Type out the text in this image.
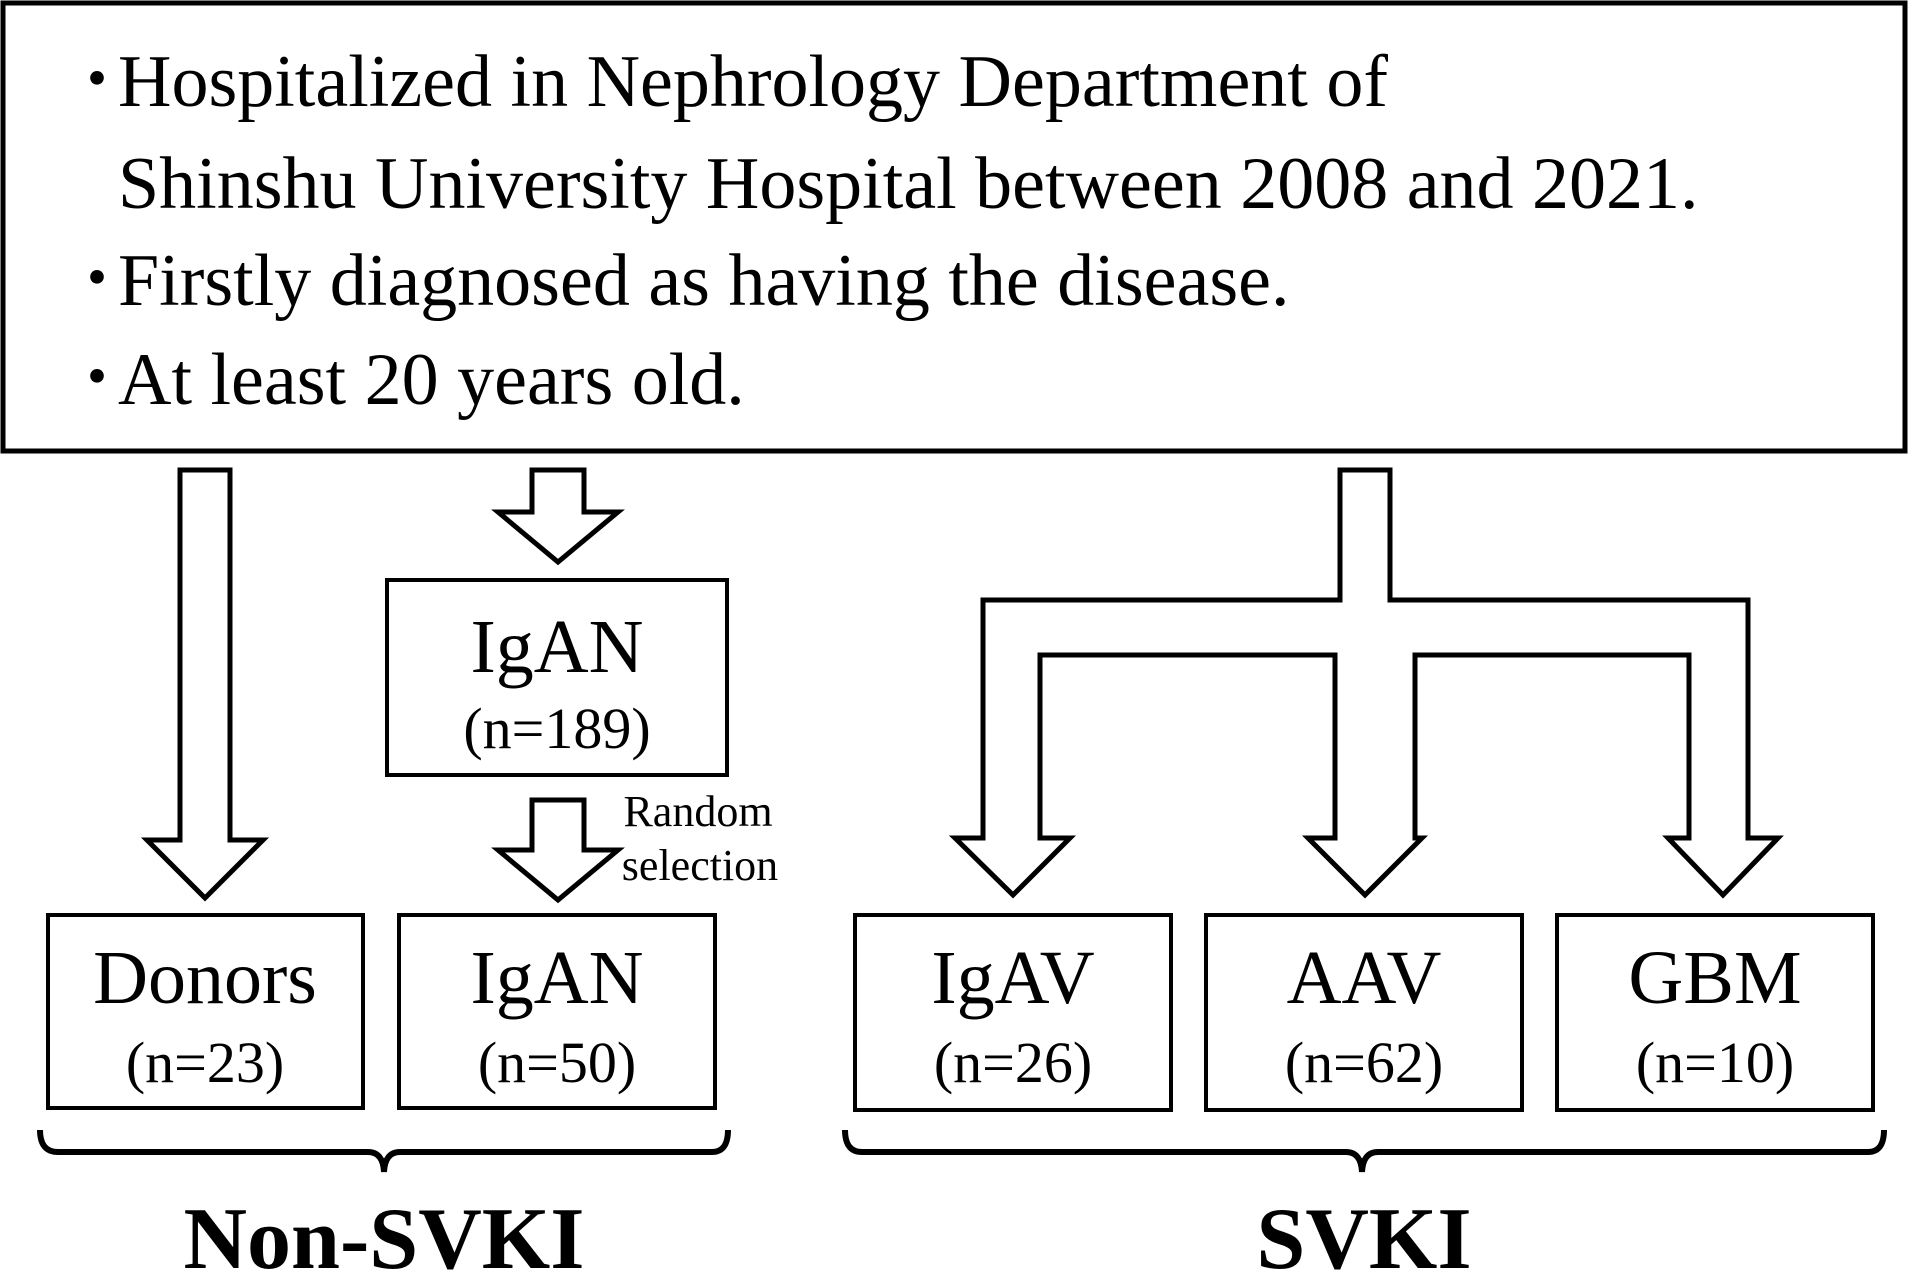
・
Hospitalized in Nephrology Department of
Shinshu University Hospital between 2008 and 2021.
・
Firstly diagnosed as having the disease.
・
At least 20 years old.
IgAN
(n=189)
Random
selection
Donors
(n=23)
IgAN
(n=50)
IgAV
(n=26)
AAV
(n=62)
GBM
(n=10)
Non-SVKI	SVKI
